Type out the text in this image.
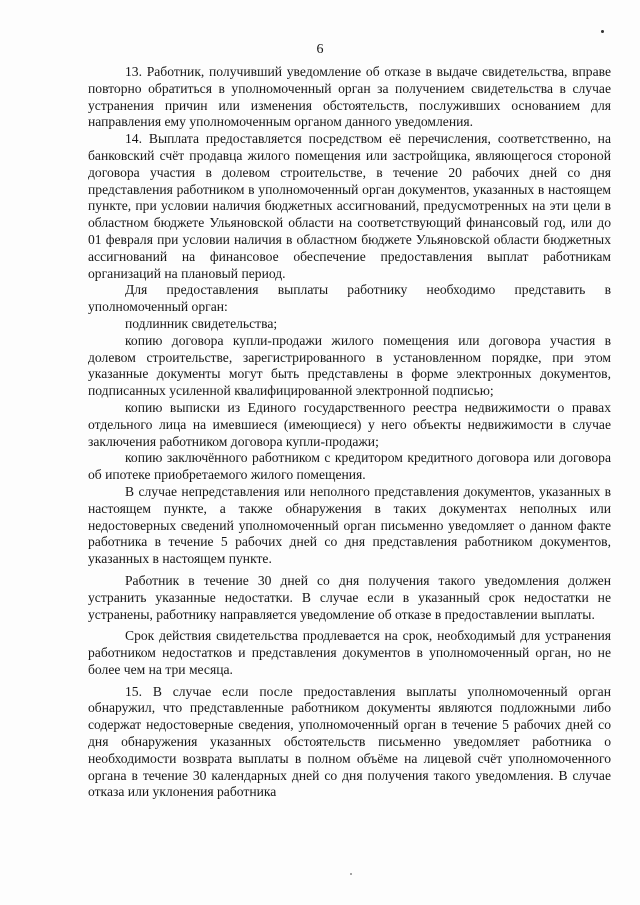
6

13. Работник, получивший уведомление об отказе в выдаче свидетельства, вправе повторно обратиться в уполномоченный орган за получением свидетельства в случае устранения причин или изменения обстоятельств, послуживших основанием для направления ему уполномоченным органом данного уведомления.

14. Выплата предоставляется посредством её перечисления, соответственно, на банковский счёт продавца жилого помещения или застройщика, являющегося стороной договора участия в долевом строительстве, в течение 20 рабочих дней со дня представления работником в уполномоченный орган документов, указанных в настоящем пункте, при условии наличия бюджетных ассигнований, предусмотренных на эти цели в областном бюджете Ульяновской области на соответствующий финансовый год, или до 01 февраля при условии наличия в областном бюджете Ульяновской области бюджетных ассигнований на финансовое обеспечение предоставления выплат работникам организаций на плановый период.

Для предоставления выплаты работнику необходимо представить в уполномоченный орган:

подлинник свидетельства;

копию договора купли-продажи жилого помещения или договора участия в долевом строительстве, зарегистрированного в установленном порядке, при этом указанные документы могут быть представлены в форме электронных документов, подписанных усиленной квалифицированной электронной подписью;

копию выписки из Единого государственного реестра недвижимости о правах отдельного лица на имевшиеся (имеющиеся) у него объекты недвижимости в случае заключения работником договора купли-продажи;

копию заключённого работником с кредитором кредитного договора или договора об ипотеке приобретаемого жилого помещения.

В случае непредставления или неполного представления документов, указанных в настоящем пункте, а также обнаружения в таких документах неполных или недостоверных сведений уполномоченный орган письменно уведомляет о данном факте работника в течение 5 рабочих дней со дня представления работником документов, указанных в настоящем пункте.

Работник в течение 30 дней со дня получения такого уведомления должен устранить указанные недостатки. В случае если в указанный срок недостатки не устранены, работнику направляется уведомление об отказе в предоставлении выплаты.

Срок действия свидетельства продлевается на срок, необходимый для устранения работником недостатков и представления документов в уполномоченный орган, но не более чем на три месяца.

15. В случае если после предоставления выплаты уполномоченный орган обнаружил, что представленные работником документы являются подложными либо содержат недостоверные сведения, уполномоченный орган в течение 5 рабочих дней со дня обнаружения указанных обстоятельств письменно уведомляет работника о необходимости возврата выплаты в полном объёме на лицевой счёт уполномоченного органа в течение 30 календарных дней со дня получения такого уведомления. В случае отказа или уклонения работника
